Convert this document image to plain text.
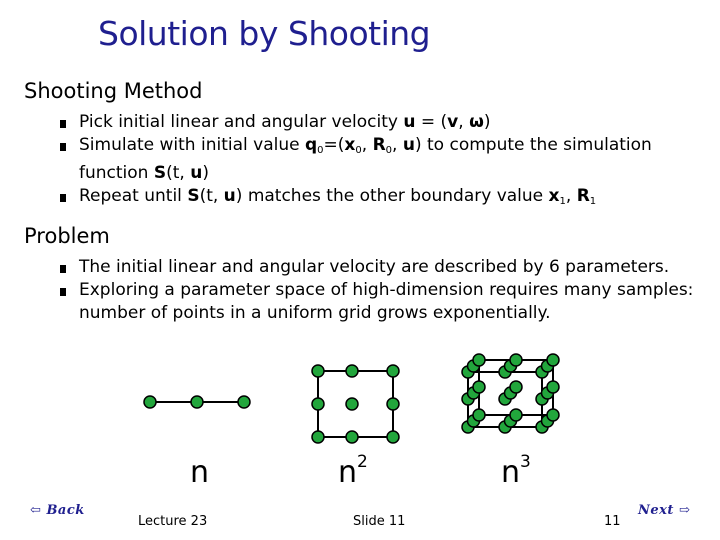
Solution by Shooting
Shooting Method
Pick initial linear and angular velocity u = (v, ω)
Simulate with initial value $q_0=(x_0$, $R_0$, u) to compute the simulation function S(t, u)
Repeat until S(t, u) matches the other boundary value $x_1$, $R_1$
Problem
The initial linear and angular velocity are described by 6 parameters.
Exploring a parameter space of high-dimension requires many samples: number of points in a uniform grid grows exponentially.
n	$n^2$	$n^3$
⇦ Back	Next ⇨
Lecture 23	Slide 11	11
